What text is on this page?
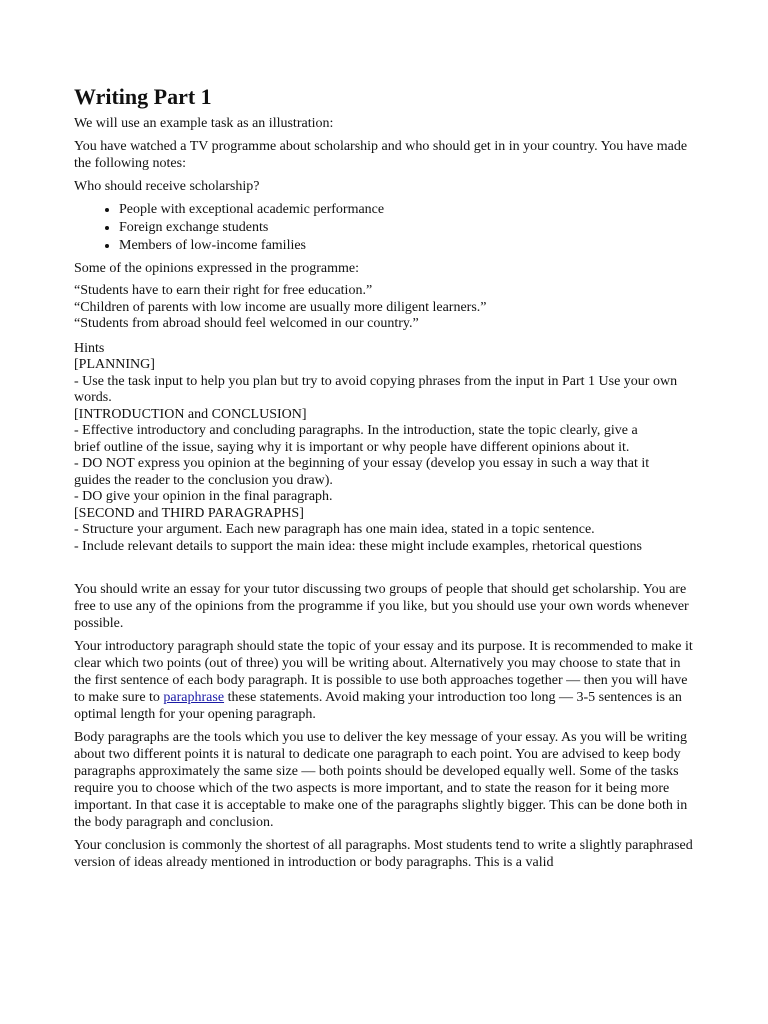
Writing Part 1

We will use an example task as an illustration:

You have watched a TV programme about scholarship and who should get in in your country. You have made the following notes:

Who should receive scholarship?

• People with exceptional academic performance
• Foreign exchange students
• Members of low-income families

Some of the opinions expressed in the programme:

“Students have to earn their right for free education.”
“Children of parents with low income are usually more diligent learners.”
“Students from abroad should feel welcomed in our country.”
Hints
[PLANNING]
- Use the task input to help you plan but try to avoid copying phrases from the input in Part 1 Use your own words.
[INTRODUCTION and CONCLUSION]
- Effective introductory and concluding paragraphs. In the introduction, state the topic clearly, give a
brief outline of the issue, saying why it is important or why people have different opinions about it.
- DO NOT express you opinion at the beginning of your essay (develop you essay in such a way that it
guides the reader to the conclusion you draw).
- DO give your opinion in the final paragraph.
[SECOND and THIRD PARAGRAPHS]
- Structure your argument. Each new paragraph has one main idea, stated in a topic sentence.
- Include relevant details to support the main idea: these might include examples, rhetorical questions

You should write an essay for your tutor discussing two groups of people that should get scholarship. You are free to use any of the opinions from the programme if you like, but you should use your own words whenever possible.

Your introductory paragraph should state the topic of your essay and its purpose. It is recommended to make it clear which two points (out of three) you will be writing about. Alternatively you may choose to state that in the first sentence of each body paragraph. It is possible to use both approaches together — then you will have to make sure to paraphrase these statements. Avoid making your introduction too long — 3-5 sentences is an optimal length for your opening paragraph.

Body paragraphs are the tools which you use to deliver the key message of your essay. As you will be writing about two different points it is natural to dedicate one paragraph to each point. You are advised to keep body paragraphs approximately the same size — both points should be developed equally well. Some of the tasks require you to choose which of the two aspects is more important, and to state the reason for it being more important. In that case it is acceptable to make one of the paragraphs slightly bigger. This can be done both in the body paragraph and conclusion.

Your conclusion is commonly the shortest of all paragraphs. Most students tend to write a slightly paraphrased version of ideas already mentioned in introduction or body paragraphs. This is a valid
